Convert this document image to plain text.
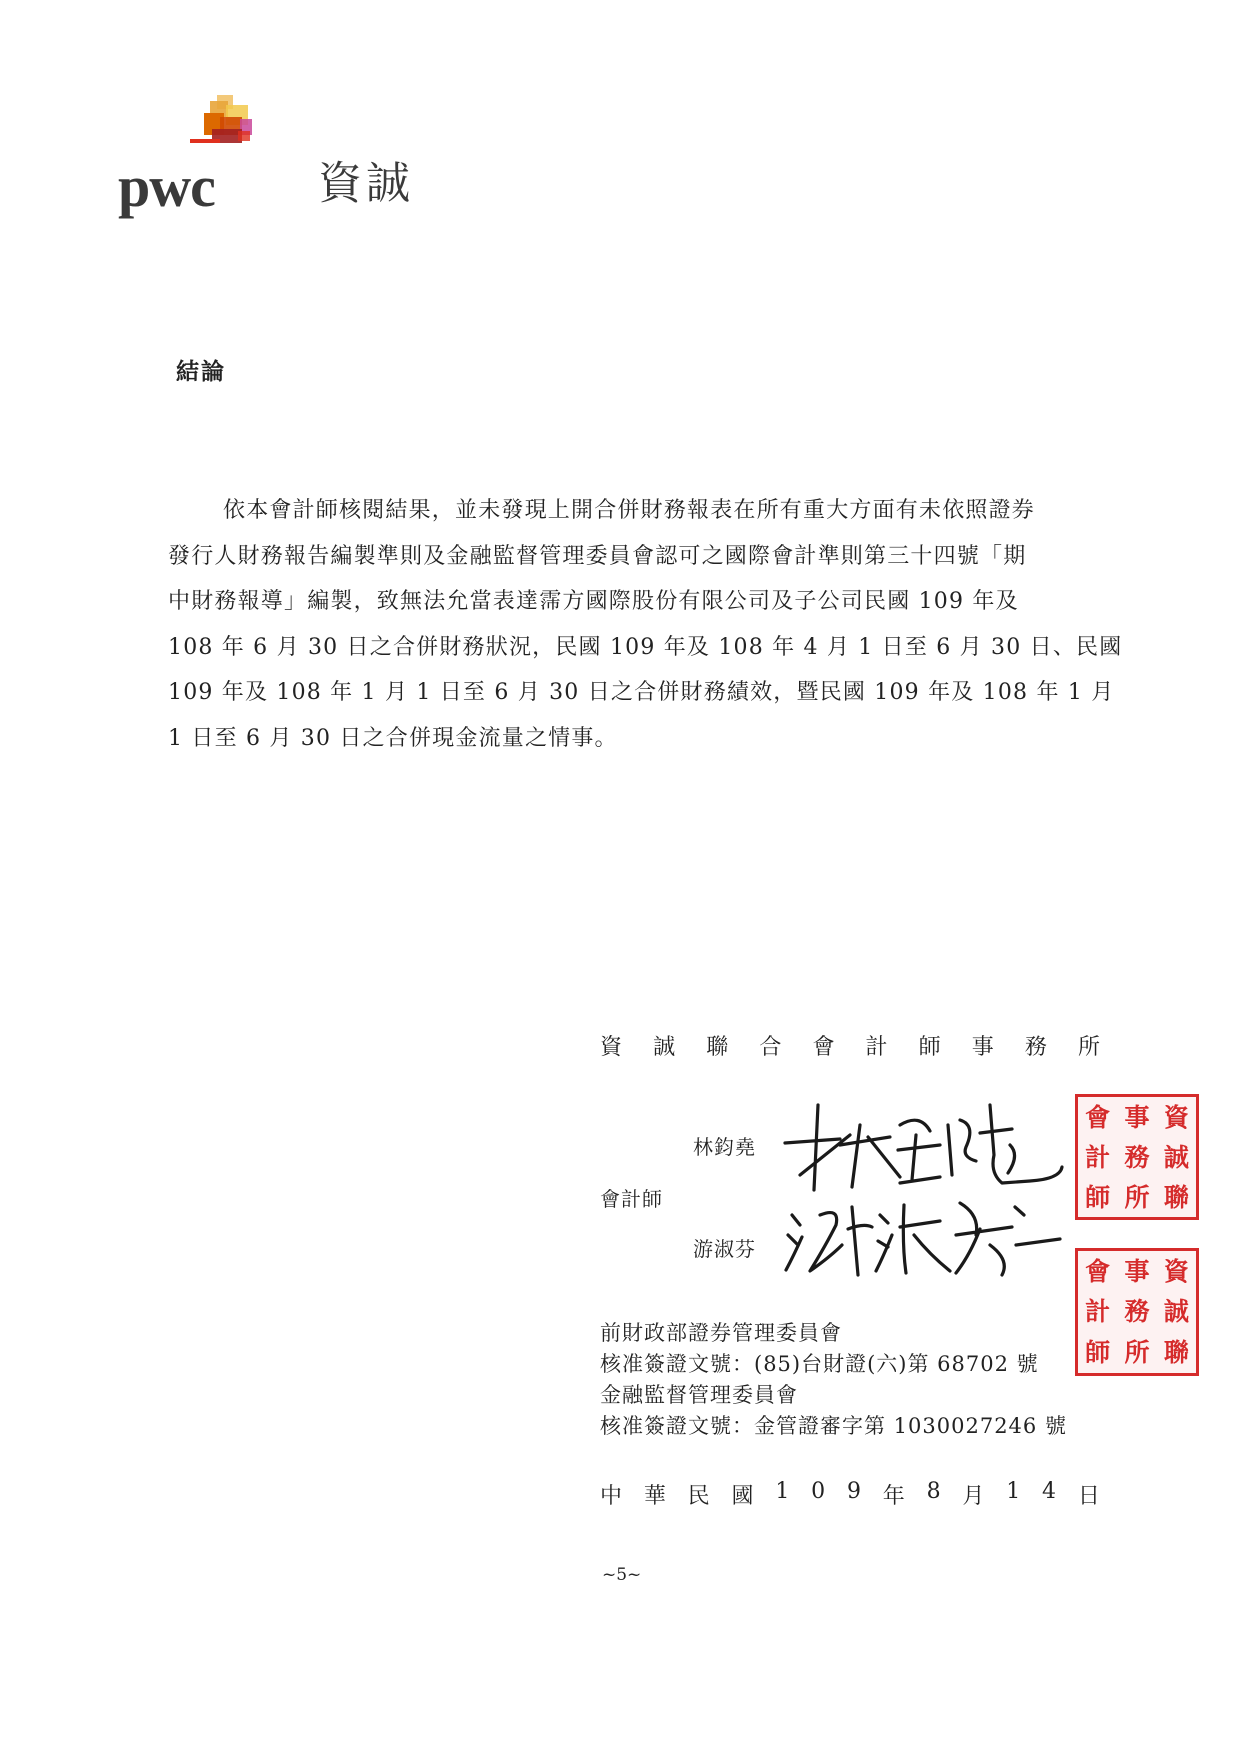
pwc 資誠
結論
依本會計師核閱結果，並未發現上開合併財務報表在所有重大方面有未依照證券
發行人財務報告編製準則及金融監督管理委員會認可之國際會計準則第三十四號「期
中財務報導」編製，致無法允當表達霈方國際股份有限公司及子公司民國 109 年及
108 年 6 月 30 日之合併財務狀況，民國 109 年及 108 年 4 月 1 日至 6 月 30 日、民國
109 年及 108 年 1 月 1 日至 6 月 30 日之合併財務績效，暨民國 109 年及 108 年 1 月
1 日至 6 月 30 日之合併現金流量之情事。
資 誠 聯 合 會 計 師 事 務 所
林鈞堯
會計師
游淑芬
會 事 資
計 務 誠
師 所 聯
會 事 資
計 務 誠
師 所 聯
前財政部證券管理委員會
核准簽證文號：(85)台財證(六)第 68702 號
金融監督管理委員會
核准簽證文號：金管證審字第 1030027246 號
中 華 民 國 1 0 9 年 8 月 1 4 日
~5~
